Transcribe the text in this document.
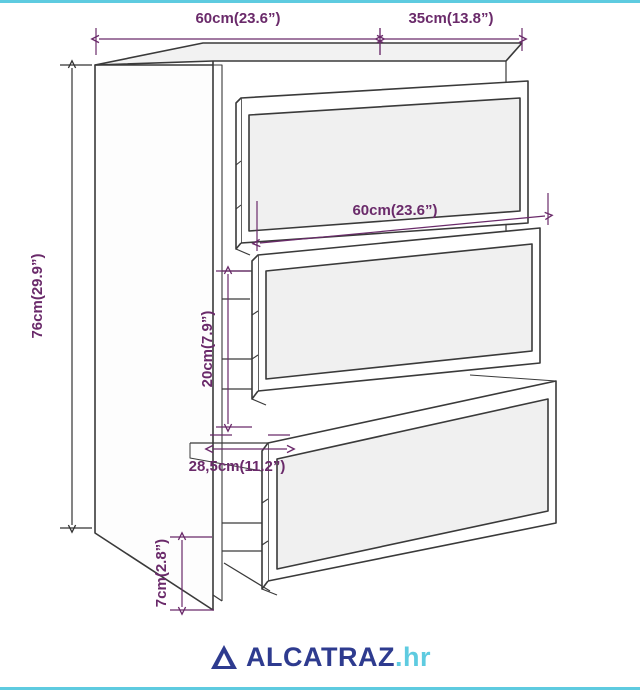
60cm(23.6”)	35cm(13.8”)
76cm(29.9”)
60cm(23.6”)
20cm(7.9”)
28,5cm(11.2”)
7cm(2.8”)
ALCATRAZ.hr
